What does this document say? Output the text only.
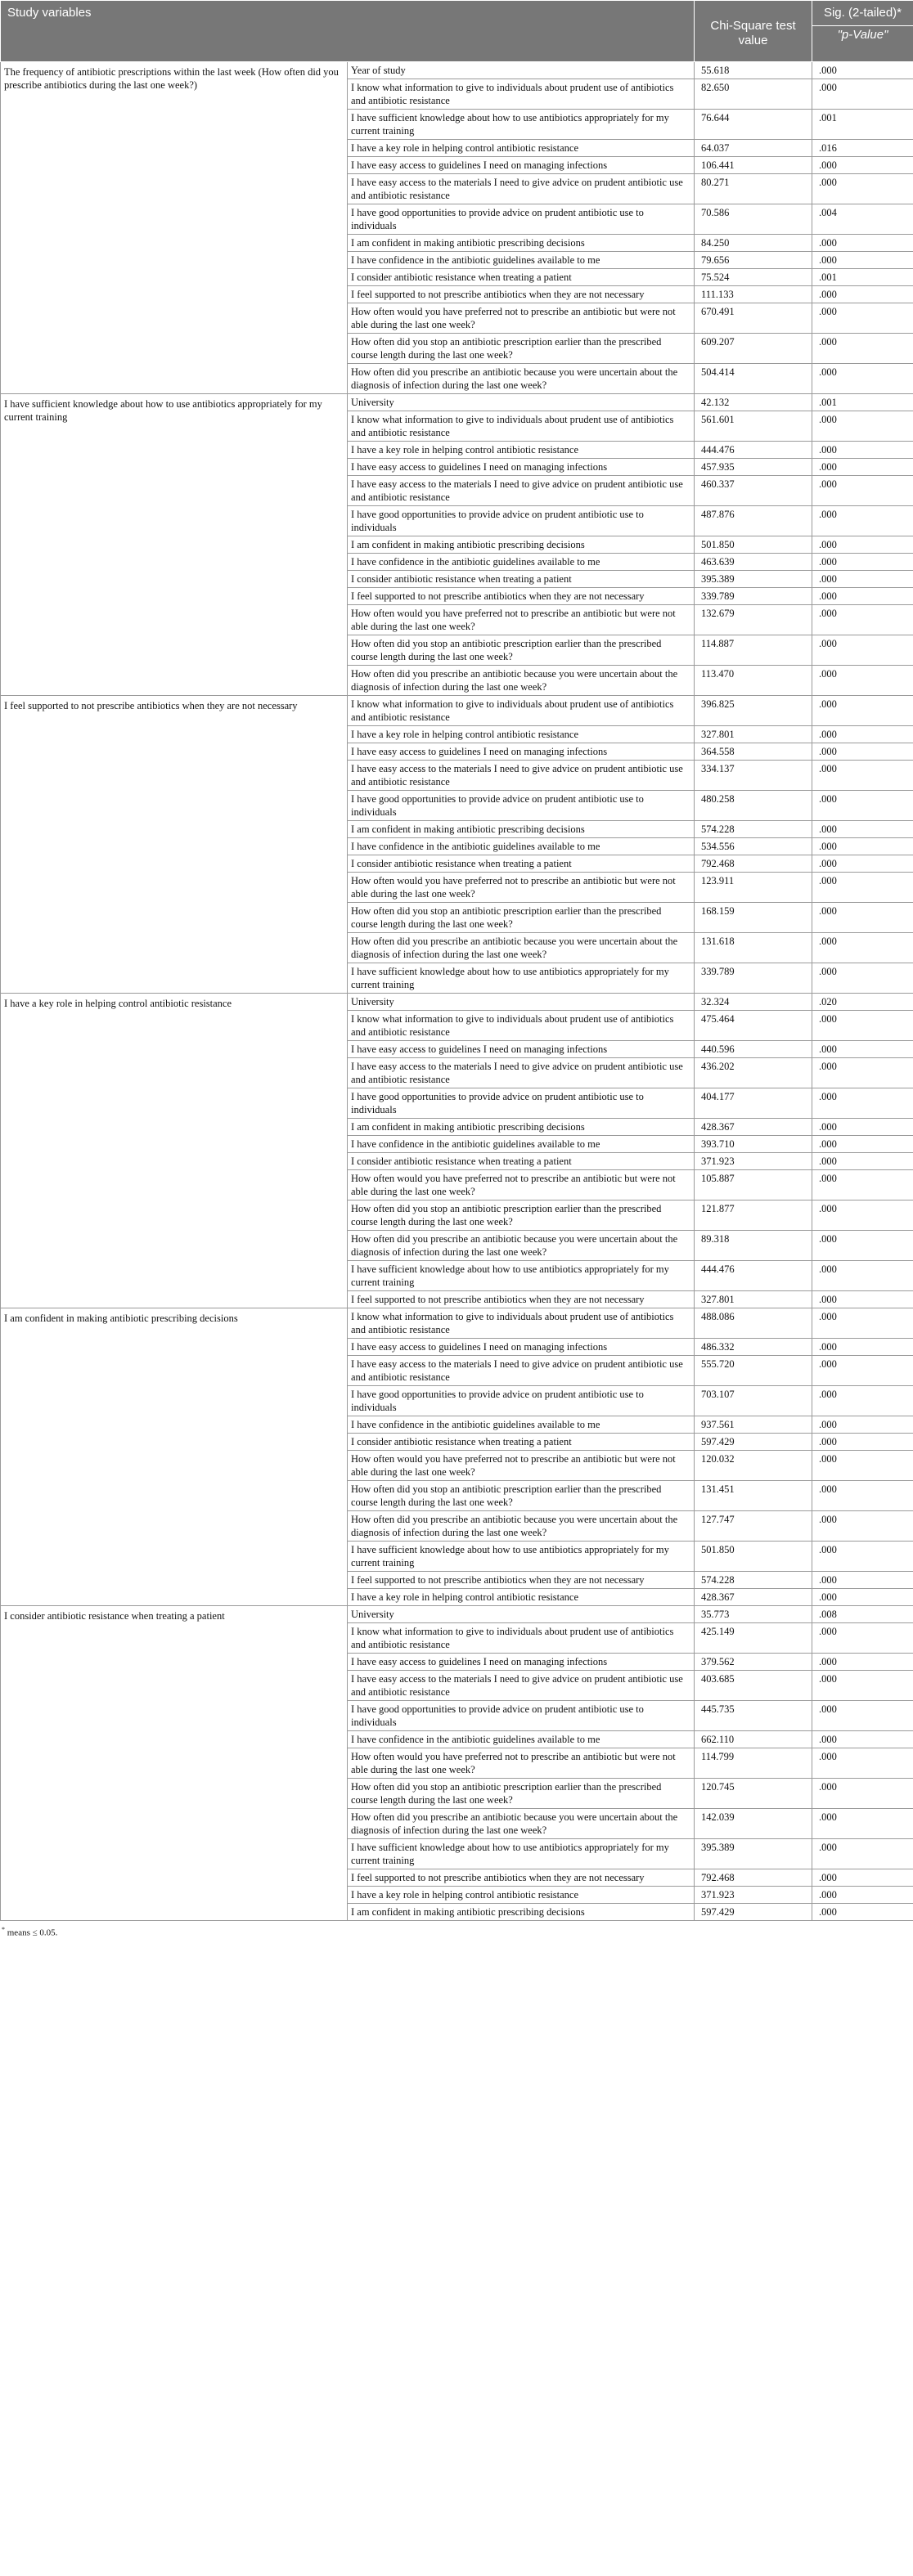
Study variables		Chi-Square test value	Sig. (2-tailed)*
"p-Value"

The frequency of antibiotic prescriptions within the last week (How often did you prescribe antibiotics during the last one week?)	Year of study	55.618	.000
	I know what information to give to individuals about prudent use of antibiotics and antibiotic resistance	82.650	.000
	I have sufficient knowledge about how to use antibiotics appropriately for my current training	76.644	.001
	I have a key role in helping control antibiotic resistance	64.037	.016
	I have easy access to guidelines I need on managing infections	106.441	.000
	I have easy access to the materials I need to give advice on prudent antibiotic use and antibiotic resistance	80.271	.000
	I have good opportunities to provide advice on prudent antibiotic use to individuals	70.586	.004
	I am confident in making antibiotic prescribing decisions	84.250	.000
	I have confidence in the antibiotic guidelines available to me	79.656	.000
	I consider antibiotic resistance when treating a patient	75.524	.001
	I feel supported to not prescribe antibiotics when they are not necessary	111.133	.000
	How often would you have preferred not to prescribe an antibiotic but were not able during the last one week?	670.491	.000
	How often did you stop an antibiotic prescription earlier than the prescribed course length during the last one week?	609.207	.000
	How often did you prescribe an antibiotic because you were uncertain about the diagnosis of infection during the last one week?	504.414	.000
I have sufficient knowledge about how to use antibiotics appropriately for my current training	University	42.132	.001
	I know what information to give to individuals about prudent use of antibiotics and antibiotic resistance	561.601	.000
	I have a key role in helping control antibiotic resistance	444.476	.000
	I have easy access to guidelines I need on managing infections	457.935	.000
	I have easy access to the materials I need to give advice on prudent antibiotic use and antibiotic resistance	460.337	.000
	I have good opportunities to provide advice on prudent antibiotic use to individuals	487.876	.000
	I am confident in making antibiotic prescribing decisions	501.850	.000
	I have confidence in the antibiotic guidelines available to me	463.639	.000
	I consider antibiotic resistance when treating a patient	395.389	.000
	I feel supported to not prescribe antibiotics when they are not necessary	339.789	.000
	How often would you have preferred not to prescribe an antibiotic but were not able during the last one week?	132.679	.000
	How often did you stop an antibiotic prescription earlier than the prescribed course length during the last one week?	114.887	.000
	How often did you prescribe an antibiotic because you were uncertain about the diagnosis of infection during the last one week?	113.470	.000
I feel supported to not prescribe antibiotics when they are not necessary	I know what information to give to individuals about prudent use of antibiotics and antibiotic resistance	396.825	.000
	I have a key role in helping control antibiotic resistance	327.801	.000
	I have easy access to guidelines I need on managing infections	364.558	.000
	I have easy access to the materials I need to give advice on prudent antibiotic use and antibiotic resistance	334.137	.000
	I have good opportunities to provide advice on prudent antibiotic use to individuals	480.258	.000
	I am confident in making antibiotic prescribing decisions	574.228	.000
	I have confidence in the antibiotic guidelines available to me	534.556	.000
	I consider antibiotic resistance when treating a patient	792.468	.000
	How often would you have preferred not to prescribe an antibiotic but were not able during the last one week?	123.911	.000
	How often did you stop an antibiotic prescription earlier than the prescribed course length during the last one week?	168.159	.000
	How often did you prescribe an antibiotic because you were uncertain about the diagnosis of infection during the last one week?	131.618	.000
	I have sufficient knowledge about how to use antibiotics appropriately for my current training	339.789	.000
I have a key role in helping control antibiotic resistance	University	32.324	.020
	I know what information to give to individuals about prudent use of antibiotics and antibiotic resistance	475.464	.000
	I have easy access to guidelines I need on managing infections	440.596	.000
	I have easy access to the materials I need to give advice on prudent antibiotic use and antibiotic resistance	436.202	.000
	I have good opportunities to provide advice on prudent antibiotic use to individuals	404.177	.000
	I am confident in making antibiotic prescribing decisions	428.367	.000
	I have confidence in the antibiotic guidelines available to me	393.710	.000
	I consider antibiotic resistance when treating a patient	371.923	.000
	How often would you have preferred not to prescribe an antibiotic but were not able during the last one week?	105.887	.000
	How often did you stop an antibiotic prescription earlier than the prescribed course length during the last one week?	121.877	.000
	How often did you prescribe an antibiotic because you were uncertain about the diagnosis of infection during the last one week?	89.318	.000
	I have sufficient knowledge about how to use antibiotics appropriately for my current training	444.476	.000
	I feel supported to not prescribe antibiotics when they are not necessary	327.801	.000
I am confident in making antibiotic prescribing decisions	I know what information to give to individuals about prudent use of antibiotics and antibiotic resistance	488.086	.000
	I have easy access to guidelines I need on managing infections	486.332	.000
	I have easy access to the materials I need to give advice on prudent antibiotic use and antibiotic resistance	555.720	.000
	I have good opportunities to provide advice on prudent antibiotic use to individuals	703.107	.000
	I have confidence in the antibiotic guidelines available to me	937.561	.000
	I consider antibiotic resistance when treating a patient	597.429	.000
	How often would you have preferred not to prescribe an antibiotic but were not able during the last one week?	120.032	.000
	How often did you stop an antibiotic prescription earlier than the prescribed course length during the last one week?	131.451	.000
	How often did you prescribe an antibiotic because you were uncertain about the diagnosis of infection during the last one week?	127.747	.000
	I have sufficient knowledge about how to use antibiotics appropriately for my current training	501.850	.000
	I feel supported to not prescribe antibiotics when they are not necessary	574.228	.000
	I have a key role in helping control antibiotic resistance	428.367	.000
I consider antibiotic resistance when treating a patient	University	35.773	.008
	I know what information to give to individuals about prudent use of antibiotics and antibiotic resistance	425.149	.000
	I have easy access to guidelines I need on managing infections	379.562	.000
	I have easy access to the materials I need to give advice on prudent antibiotic use and antibiotic resistance	403.685	.000
	I have good opportunities to provide advice on prudent antibiotic use to individuals	445.735	.000
	I have confidence in the antibiotic guidelines available to me	662.110	.000
	How often would you have preferred not to prescribe an antibiotic but were not able during the last one week?	114.799	.000
	How often did you stop an antibiotic prescription earlier than the prescribed course length during the last one week?	120.745	.000
	How often did you prescribe an antibiotic because you were uncertain about the diagnosis of infection during the last one week?	142.039	.000
	I have sufficient knowledge about how to use antibiotics appropriately for my current training	395.389	.000
	I feel supported to not prescribe antibiotics when they are not necessary	792.468	.000
	I have a key role in helping control antibiotic resistance	371.923	.000
	I am confident in making antibiotic prescribing decisions	597.429	.000
* means ≤ 0.05.
